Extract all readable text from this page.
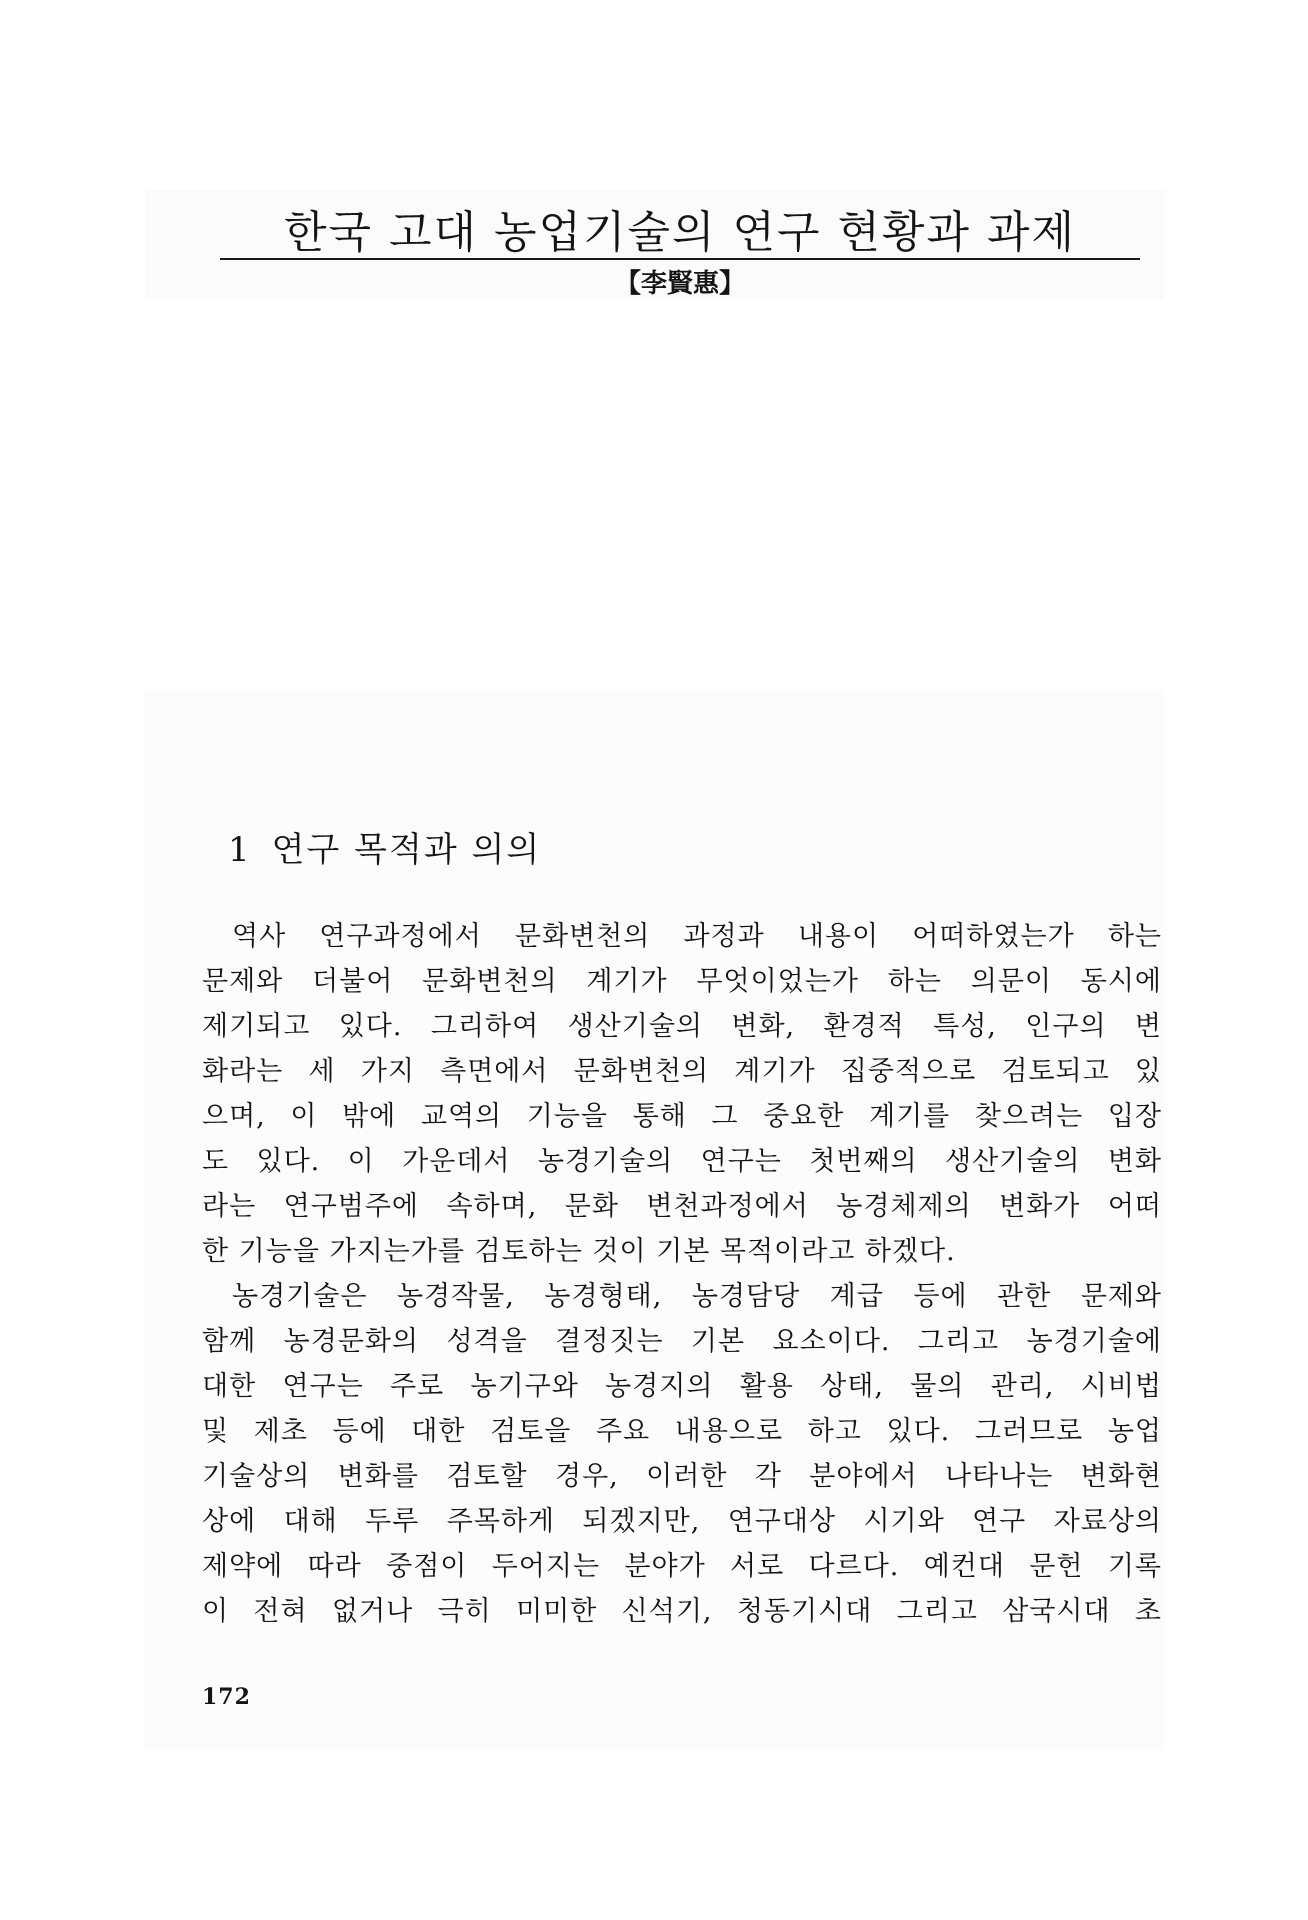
한국 고대 농업기술의 연구 현황과 과제
【李賢惠】
1 연구 목적과 의의
역사 연구과정에서 문화변천의 과정과 내용이 어떠하였는가 하는
문제와 더불어 문화변천의 계기가 무엇이었는가 하는 의문이 동시에
제기되고 있다. 그리하여 생산기술의 변화, 환경적 특성, 인구의 변
화라는 세 가지 측면에서 문화변천의 계기가 집중적으로 검토되고 있
으며, 이 밖에 교역의 기능을 통해 그 중요한 계기를 찾으려는 입장
도 있다. 이 가운데서 농경기술의 연구는 첫번째의 생산기술의 변화
라는 연구범주에 속하며, 문화 변천과정에서 농경체제의 변화가 어떠
한 기능을 가지는가를 검토하는 것이 기본 목적이라고 하겠다.
농경기술은 농경작물, 농경형태, 농경담당 계급 등에 관한 문제와
함께 농경문화의 성격을 결정짓는 기본 요소이다. 그리고 농경기술에
대한 연구는 주로 농기구와 농경지의 활용 상태, 물의 관리, 시비법
및 제초 등에 대한 검토을 주요 내용으로 하고 있다. 그러므로 농업
기술상의 변화를 검토할 경우, 이러한 각 분야에서 나타나는 변화현
상에 대해 두루 주목하게 되겠지만, 연구대상 시기와 연구 자료상의
제약에 따라 중점이 두어지는 분야가 서로 다르다. 예컨대 문헌 기록
이 전혀 없거나 극히 미미한 신석기, 청동기시대 그리고 삼국시대 초
172
